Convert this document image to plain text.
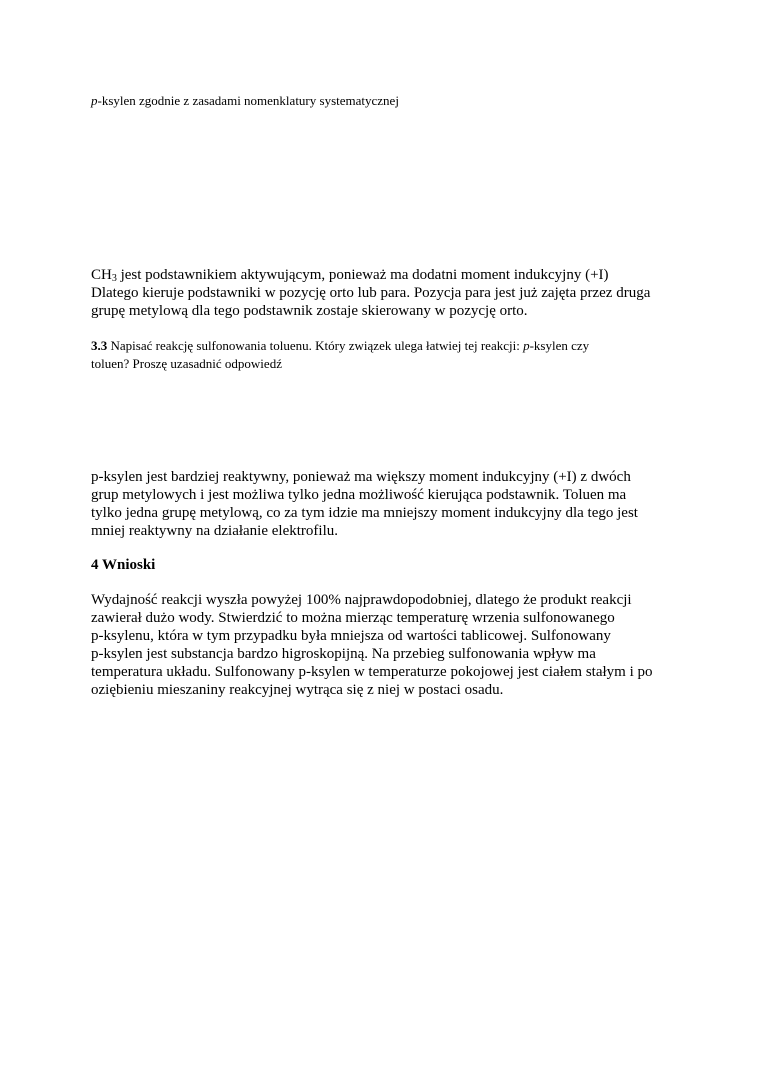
p-ksylen zgodnie z zasadami nomenklatury systematycznej

$CH_3$ jest podstawnikiem aktywującym, ponieważ ma dodatni moment indukcyjny (+I)
Dlatego kieruje podstawniki w pozycję orto lub para. Pozycja para jest już zajęta przez druga
grupę metylową dla tego podstawnik zostaje skierowany w pozycję orto.

3.3 Napisać reakcję sulfonowania toluenu. Który związek ulega łatwiej tej reakcji: p-ksylen czy
toluen? Proszę uzasadnić odpowiedź

p-ksylen jest bardziej reaktywny, ponieważ ma większy moment indukcyjny (+I) z dwóch
grup metylowych i jest możliwa tylko jedna możliwość kierująca podstawnik. Toluen ma
tylko jedna grupę metylową, co za tym idzie ma mniejszy moment indukcyjny dla tego jest
mniej reaktywny na działanie elektrofilu.

4 Wnioski

Wydajność reakcji wyszła powyżej 100% najprawdopodobniej, dlatego że produkt reakcji
zawierał dużo wody. Stwierdzić to można mierząc temperaturę wrzenia sulfonowanego
p-ksylenu, która w tym przypadku była mniejsza od wartości tablicowej. Sulfonowany
p-ksylen jest substancja bardzo higroskopijną. Na przebieg sulfonowania wpływ ma
temperatura układu. Sulfonowany p-ksylen w temperaturze pokojowej jest ciałem stałym i po
oziębieniu mieszaniny reakcyjnej wytrąca się z niej w postaci osadu.
